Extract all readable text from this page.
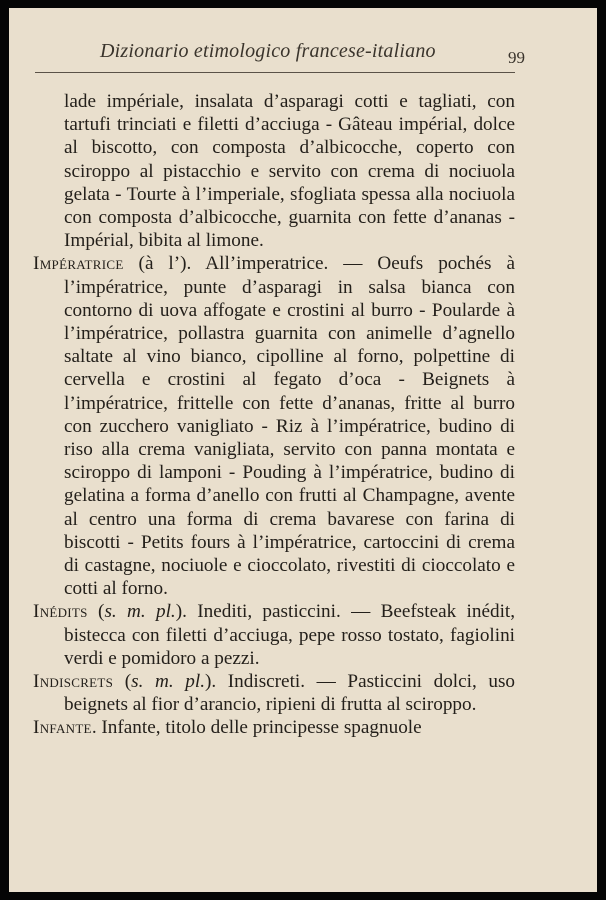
Dizionario etimologico francese-italiano	99

lade impériale, insalata d’asparagi cotti e tagliati, con tartufi trinciati e filetti d’acciuga - Gâteau impérial, dolce al biscotto, con composta d’albicocche, coperto con sciroppo al pistacchio e servito con crema di nociuola gelata - Tourte à l’imperiale, sfogliata spessa alla nociuola con composta d’albicocche, guarnita con fette d’ananas - Impérial, bibita al limone.

Impératrice (à l’). All’imperatrice. — Oeufs pochés à l’impératrice, punte d’asparagi in salsa bianca con contorno di uova affogate e crostini al burro - Poularde à l’impératrice, pollastra guarnita con animelle d’agnello saltate al vino bianco, cipolline al forno, polpettine di cervella e crostini al fegato d’oca - Beignets à l’impératrice, frittelle con fette d’ananas, fritte al burro con zucchero vanigliato - Riz à l’impératrice, budino di riso alla crema vanigliata, servito con panna montata e sciroppo di lamponi - Pouding à l’impératrice, budino di gelatina a forma d’anello con frutti al Champagne, avente al centro una forma di crema bavarese con farina di biscotti - Petits fours à l’impératrice, cartoccini di crema di castagne, nociuole e cioccolato, rivestiti di cioccolato e cotti al forno.

Inédits (s. m. pl.). Inediti, pasticcini. — Beefsteak inédit, bistecca con filetti d’acciuga, pepe rosso tostato, fagiolini verdi e pomidoro a pezzi.

Indiscrets (s. m. pl.). Indiscreti. — Pasticcini dolci, uso beignets al fior d’arancio, ripieni di frutta al sciroppo.

Infante. Infante, titolo delle principesse spagnuole
